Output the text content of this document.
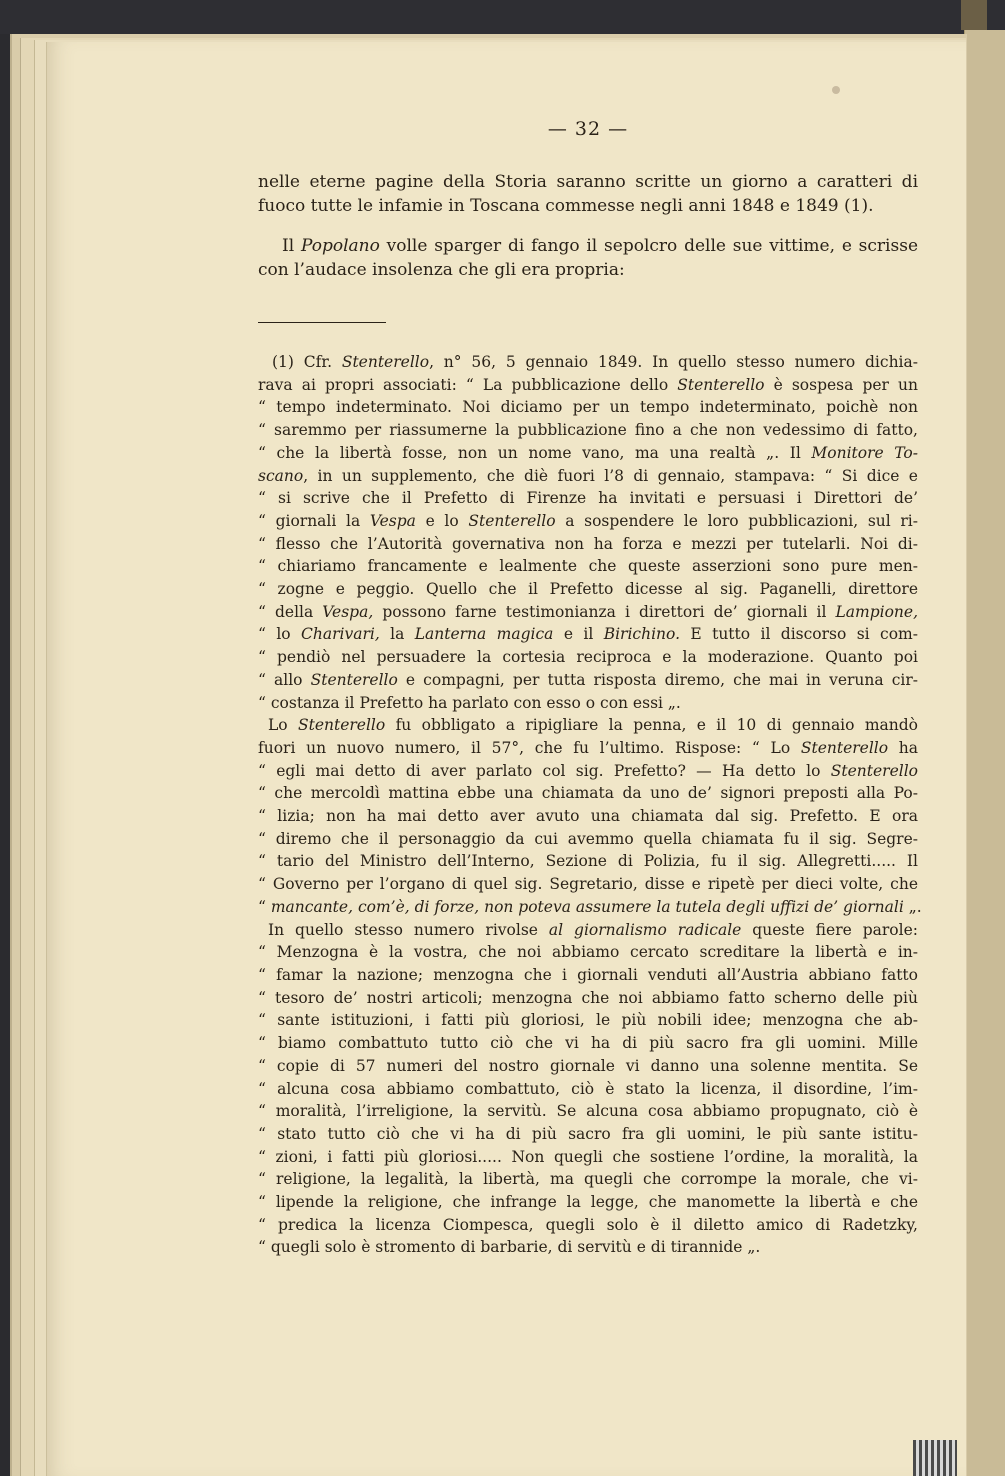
— 32 —

nelle eterne pagine della Storia saranno scritte un giorno a caratteri di fuoco tutte le infamie in Toscana commesse negli anni 1848 e 1849 (1).

Il Popolano volle sparger di fango il sepolcro delle sue vittime, e scrisse con l’audace insolenza che gli era propria:

(1) Cfr. Stenterello, n° 56, 5 gennaio 1849. In quello stesso numero dichia-
rava ai propri associati: “ La pubblicazione dello Stenterello è sospesa per un
“ tempo indeterminato. Noi diciamo per un tempo indeterminato, poichè non
“ saremmo per riassumerne la pubblicazione fino a che non vedessimo di fatto,
“ che la libertà fosse, non un nome vano, ma una realtà „. Il Monitore To-
scano, in un supplemento, che diè fuori l’8 di gennaio, stampava: “ Si dice e
“ si scrive che il Prefetto di Firenze ha invitati e persuasi i Direttori de’
“ giornali la Vespa e lo Stenterello a sospendere le loro pubblicazioni, sul ri-
“ flesso che l’Autorità governativa non ha forza e mezzi per tutelarli. Noi di-
“ chiariamo francamente e lealmente che queste asserzioni sono pure men-
“ zogne e peggio. Quello che il Prefetto dicesse al sig. Paganelli, direttore
“ della Vespa, possono farne testimonianza i direttori de’ giornali il Lampione,
“ lo Charivari, la Lanterna magica e il Birichino. E tutto il discorso si com-
“ pendiò nel persuadere la cortesia reciproca e la moderazione. Quanto poi
“ allo Stenterello e compagni, per tutta risposta diremo, che mai in veruna cir-
“ costanza il Prefetto ha parlato con esso o con essi „.
Lo Stenterello fu obbligato a ripigliare la penna, e il 10 di gennaio mandò
fuori un nuovo numero, il 57°, che fu l’ultimo. Rispose: “ Lo Stenterello ha
“ egli mai detto di aver parlato col sig. Prefetto? — Ha detto lo Stenterello
“ che mercoldì mattina ebbe una chiamata da uno de’ signori preposti alla Po-
“ lizia; non ha mai detto aver avuto una chiamata dal sig. Prefetto. E ora
“ diremo che il personaggio da cui avemmo quella chiamata fu il sig. Segre-
“ tario del Ministro dell’Interno, Sezione di Polizia, fu il sig. Allegretti..... Il
“ Governo per l’organo di quel sig. Segretario, disse e ripetè per dieci volte, che
“ mancante, com’è, di forze, non poteva assumere la tutela degli uffizi de’ giornali „.
In quello stesso numero rivolse al giornalismo radicale queste fiere parole:
“ Menzogna è la vostra, che noi abbiamo cercato screditare la libertà e in-
“ famar la nazione; menzogna che i giornali venduti all’Austria abbiano fatto
“ tesoro de’ nostri articoli; menzogna che noi abbiamo fatto scherno delle più
“ sante istituzioni, i fatti più gloriosi, le più nobili idee; menzogna che ab-
“ biamo combattuto tutto ciò che vi ha di più sacro fra gli uomini. Mille
“ copie di 57 numeri del nostro giornale vi danno una solenne mentita. Se
“ alcuna cosa abbiamo combattuto, ciò è stato la licenza, il disordine, l’im-
“ moralità, l’irreligione, la servitù. Se alcuna cosa abbiamo propugnato, ciò è
“ stato tutto ciò che vi ha di più sacro fra gli uomini, le più sante istitu-
“ zioni, i fatti più gloriosi..... Non quegli che sostiene l’ordine, la moralità, la
“ religione, la legalità, la libertà, ma quegli che corrompe la morale, che vi-
“ lipende la religione, che infrange la legge, che manomette la libertà e che
“ predica la licenza Ciompesca, quegli solo è il diletto amico di Radetzky,
“ quegli solo è stromento di barbarie, di servitù e di tirannide „.
